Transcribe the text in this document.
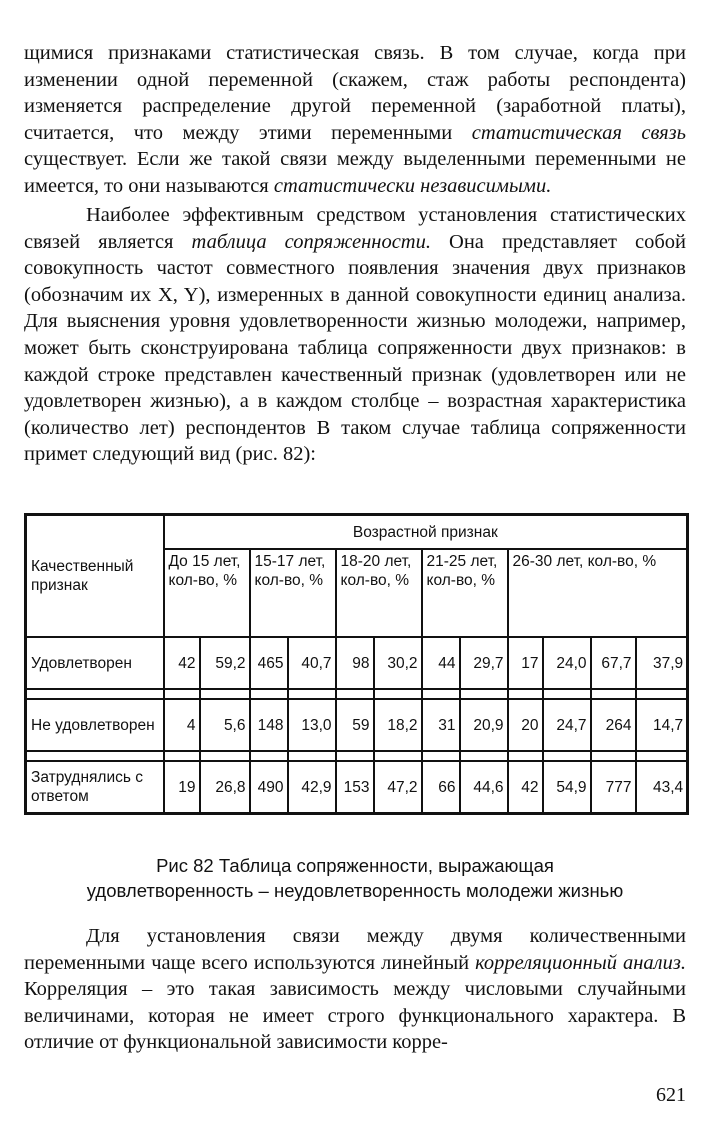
щимися признаками статистическая связь. В том случае, когда при изменении одной переменной (скажем, стаж работы респондента) изменяется распределение другой переменной (заработной платы), считается, что между этими переменными статистическая связь существует. Если же такой связи между выделенными переменными не имеется, то они называются статистически независимыми.

Наиболее эффективным средством установления статистических связей является таблица сопряженности. Она представляет собой совокупность частот совместного появления значения двух признаков (обозначим их X, Y), измеренных в данной совокупности единиц анализа. Для выяснения уровня удовлетворенности жизнью молодежи, например, может быть сконструирована таблица сопряженности двух признаков: в каждой строке представлен качественный признак (удовлетворен или не удовлетворен жизнью), а в каждом столбце – возрастная характеристика (количество лет) респондентов В таком случае таблица сопряженности примет следующий вид (рис. 82):

Качественный признак	Возрастной признак											
	До 15 лет, кол-во, %		15-17 лет, кол-во, %		18-20 лет, кол-во, %		21-25 лет, кол-во, %		26-30 лет, кол-во, %			
Удовлетворен	42	59,2	465	40,7	98	30,2	44	29,7	17	24,0	67,7	37,9

Не удовлетворен	4	5,6	148	13,0	59	18,2	31	20,9	20	24,7	264	14,7

Затруднялись с ответом	19	26,8	490	42,9	153	47,2	66	44,6	42	54,9	777	43,4
Рис 82 Таблица сопряженности, выражающая
удовлетворенность – неудовлетворенность молодежи жизнью

Для установления связи между двумя количественными переменными чаще всего используются линейный корреляционный анализ. Корреляция – это такая зависимость между числовыми случайными величинами, которая не имеет строго функционального характера. В отличие от функциональной зависимости корре-

621
